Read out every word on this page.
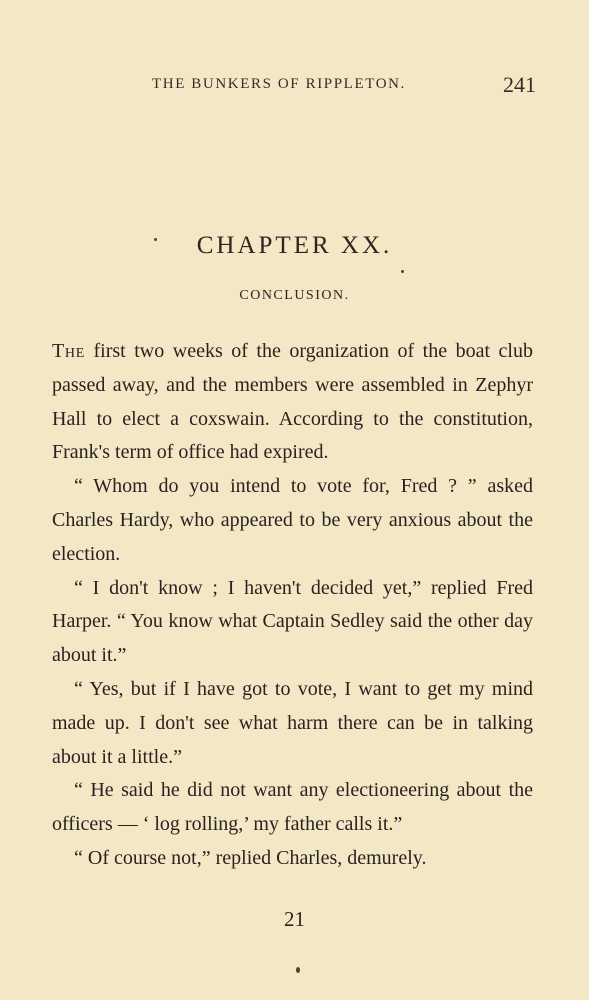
THE BUNKERS OF RIPPLETON.	241
CHAPTER XX.
CONCLUSION.

The first two weeks of the organization of the boat club passed away, and the members were assembled in Zephyr Hall to elect a coxswain. According to the constitution, Frank's term of office had expired.

“ Whom do you intend to vote for, Fred ? ” asked Charles Hardy, who appeared to be very anxious about the election.

“ I don't know ; I haven't decided yet,” replied Fred Harper. “ You know what Captain Sedley said the other day about it.”

“ Yes, but if I have got to vote, I want to get my mind made up. I don't see what harm there can be in talking about it a little.”

“ He said he did not want any electioneering about the officers — ‘ log rolling,’ my father calls it.”

“ Of course not,” replied Charles, demurely.

21
